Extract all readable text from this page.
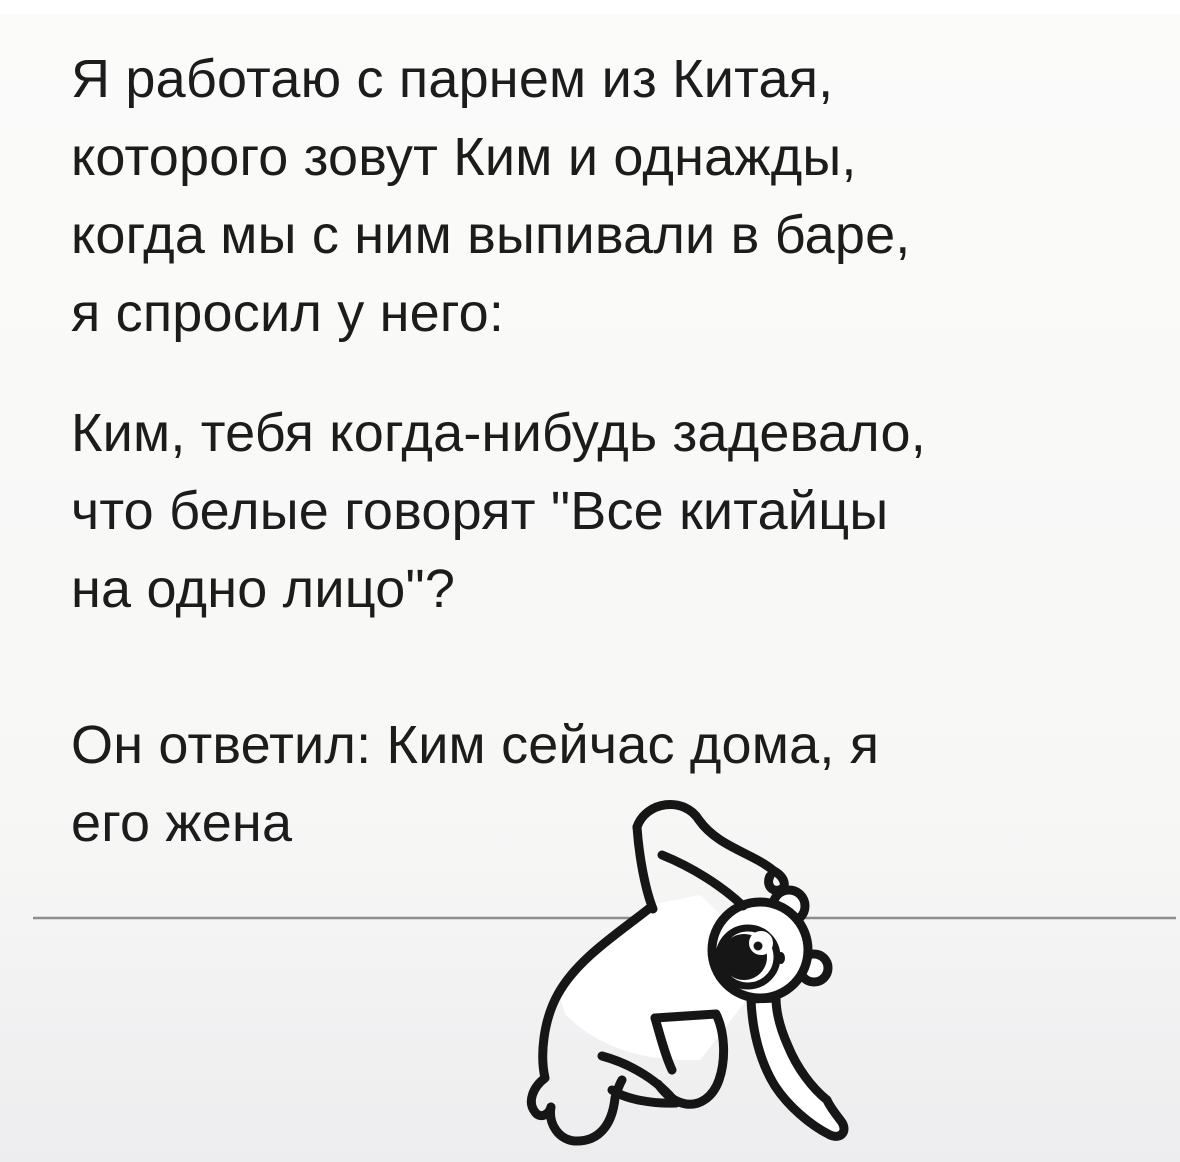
Я работаю с парнем из Китая,
которого зовут Ким и однажды,
когда мы с ним выпивали в баре,
я спросил у него:

Ким, тебя когда-нибудь задевало,
что белые говорят "Все китайцы
на одно лицо"?

Он ответил: Ким сейчас дома, я
его жена
